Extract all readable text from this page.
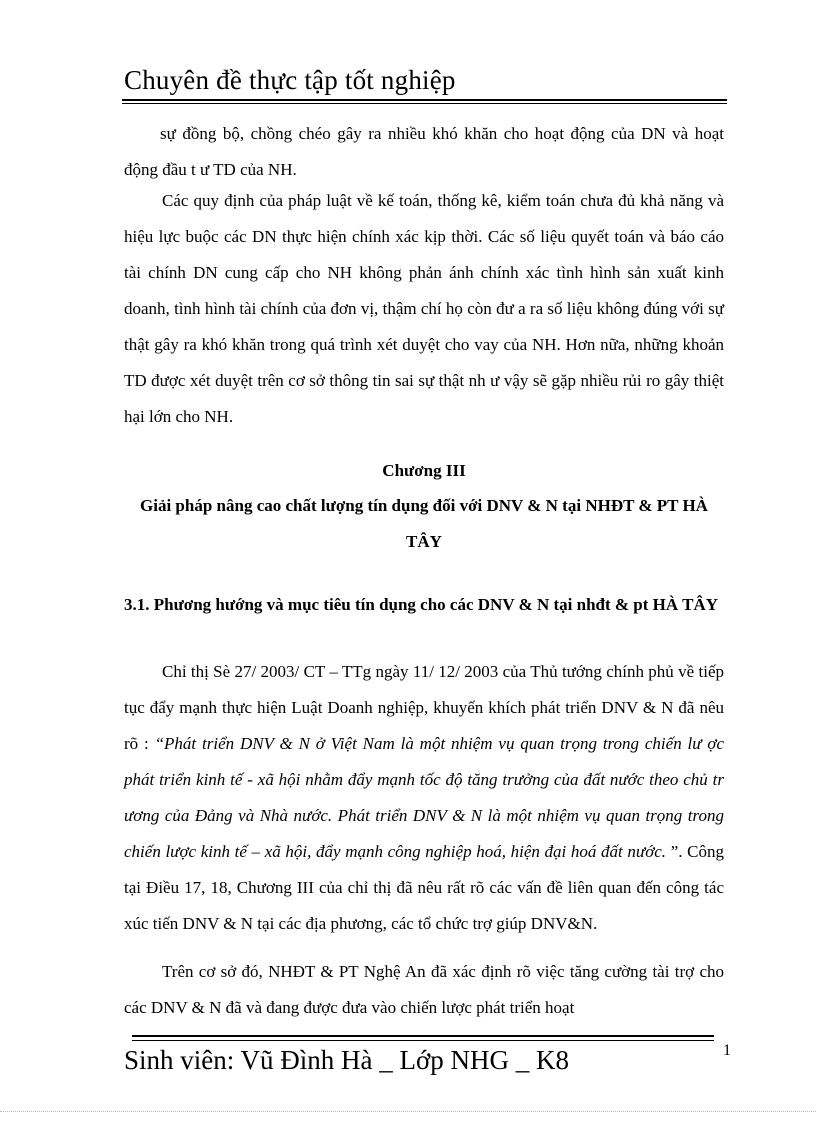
Chuyên đề thực tập tốt nghiệp

sự đồng bộ, chồng chéo gây ra nhiều khó khăn cho hoạt động của DN và hoạt động đầu t ư TD của NH.

Các quy định của pháp luật về kế toán, thống kê, kiểm toán chưa đủ khả năng và hiệu lực buộc các DN thực hiện chính xác kịp thời. Các số liệu quyết toán và báo cáo tài chính DN cung cấp cho NH không phản ánh chính xác tình hình sản xuất kinh doanh, tình hình tài chính của đơn vị, thậm chí họ còn đư a ra số liệu không đúng với sự thật gây ra khó khăn trong quá trình xét duyệt cho vay của NH. Hơn nữa, những khoản TD được xét duyệt trên cơ sở thông tin sai sự thật nh ư vậy sẽ gặp nhiều rủi ro gây thiệt hại lớn cho NH.

Chương III
Giải pháp nâng cao chất lượng tín dụng đối với DNV & N tại NHĐT & PT HÀ TÂY
3.1. Phương hướng và mục tiêu tín dụng cho các DNV & N tại nhđt & pt HÀ TÂY

Chỉ thị Sè 27/ 2003/ CT – TTg ngày 11/ 12/ 2003 của Thủ tướng chính phủ về tiếp tục đẩy mạnh thực hiện Luật Doanh nghiệp, khuyến khích phát triển DNV & N đã nêu rõ : “Phát triển DNV & N ở Việt Nam là một nhiệm vụ quan trọng trong chiến lư ợc phát triển kinh tế - xã hội nhằm đẩy mạnh tốc độ tăng trưởng của đất nước theo chủ tr ương của Đảng và Nhà nước. Phát triển DNV & N là một nhiệm vụ quan trọng trong chiến lược kinh tế – xã hội, đẩy mạnh công nghiệp hoá, hiện đại hoá đất nước. ”. Công tại Điều 17, 18, Chương III của chỉ thị đã nêu rất rõ các vấn đề liên quan đến công tác xúc tiến DNV & N tại các địa phương, các tổ chức trợ giúp DNV&N.

Trên cơ sở đó, NHĐT & PT Nghệ An đã xác định rõ việc tăng cường tài trợ cho các DNV & N đã và đang được đưa vào chiến lược phát triển hoạt

Sinh viên: Vũ Đình Hà _ Lớp NHG _ K8	1
